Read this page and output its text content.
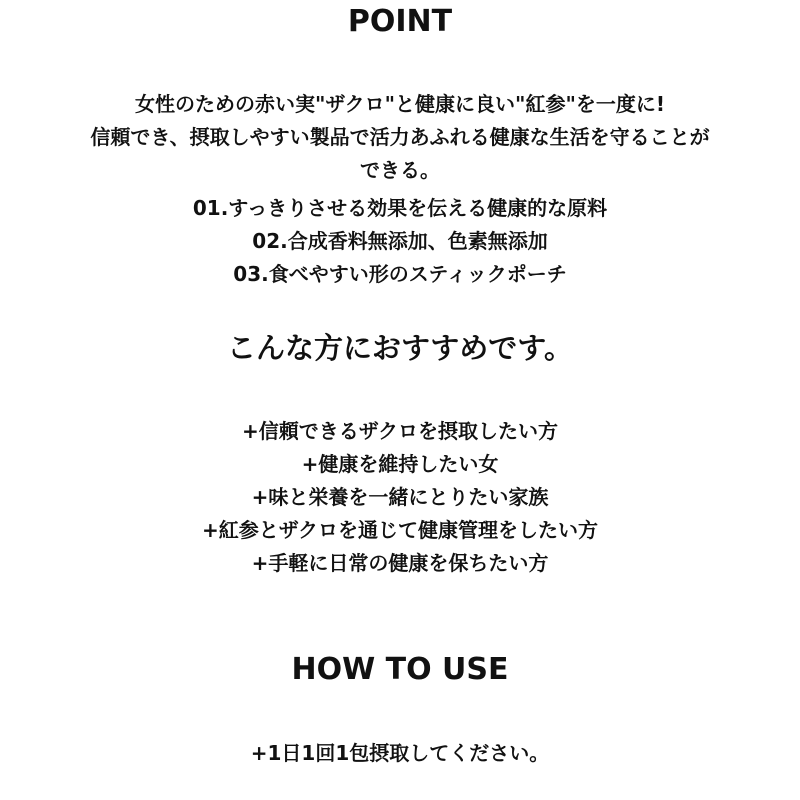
POINT
女性のための赤い実"ザクロ"と健康に良い"紅参"を一度に!
信頼でき、摂取しやすい製品で活力あふれる健康な生活を守ることが
できる。
01.すっきりさせる効果を伝える健康的な原料
02.合成香料無添加、色素無添加
03.食べやすい形のスティックポーチ
こんな方におすすめです。
+信頼できるザクロを摂取したい方
+健康を維持したい女
+味と栄養を一緒にとりたい家族
+紅参とザクロを通じて健康管理をしたい方
+手軽に日常の健康を保ちたい方
HOW TO USE
+1日1回1包摂取してください。
